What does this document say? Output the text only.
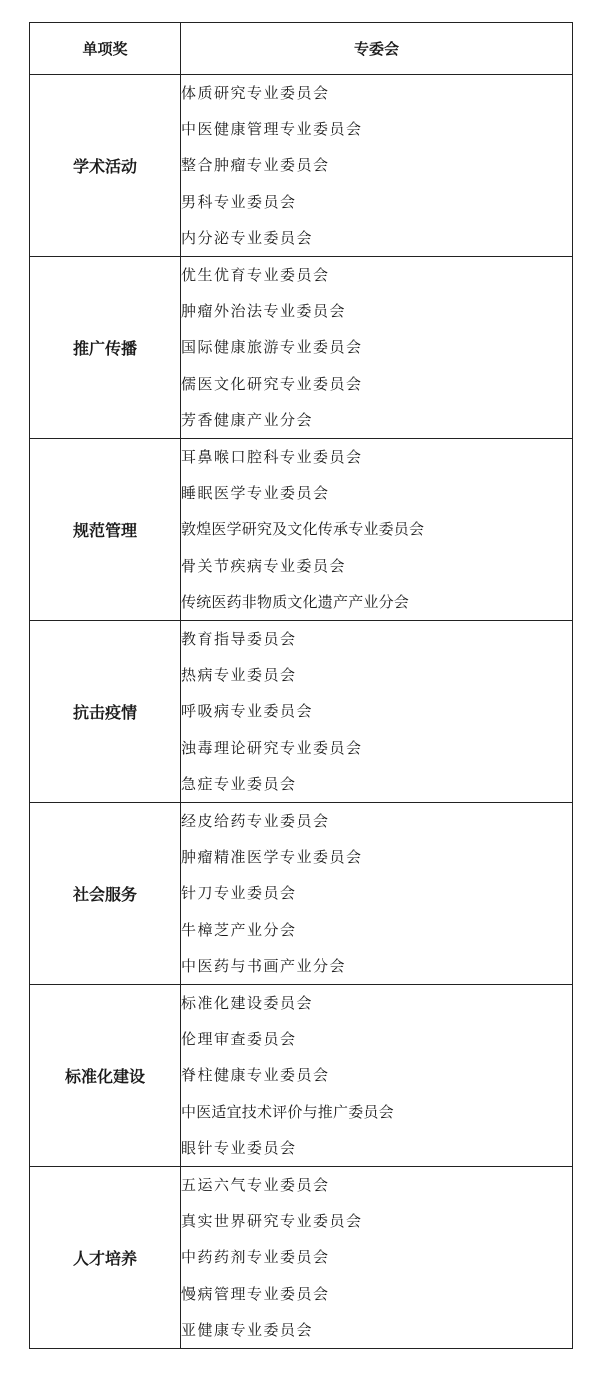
单项奖	专委会
学术活动	体质研究专业委员会
中医健康管理专业委员会
整合肿瘤专业委员会
男科专业委员会
内分泌专业委员会

推广传播	优生优育专业委员会
肿瘤外治法专业委员会
国际健康旅游专业委员会
儒医文化研究专业委员会
芳香健康产业分会

规范管理	耳鼻喉口腔科专业委员会
睡眠医学专业委员会
敦煌医学研究及文化传承专业委员会
骨关节疾病专业委员会
传统医药非物质文化遗产产业分会

抗击疫情	教育指导委员会
热病专业委员会
呼吸病专业委员会
浊毒理论研究专业委员会
急症专业委员会

社会服务	经皮给药专业委员会
肿瘤精准医学专业委员会
针刀专业委员会
牛樟芝产业分会
中医药与书画产业分会

标准化建设	标准化建设委员会
伦理审查委员会
脊柱健康专业委员会
中医适宜技术评价与推广委员会
眼针专业委员会

人才培养	五运六气专业委员会
真实世界研究专业委员会
中药药剂专业委员会
慢病管理专业委员会
亚健康专业委员会
